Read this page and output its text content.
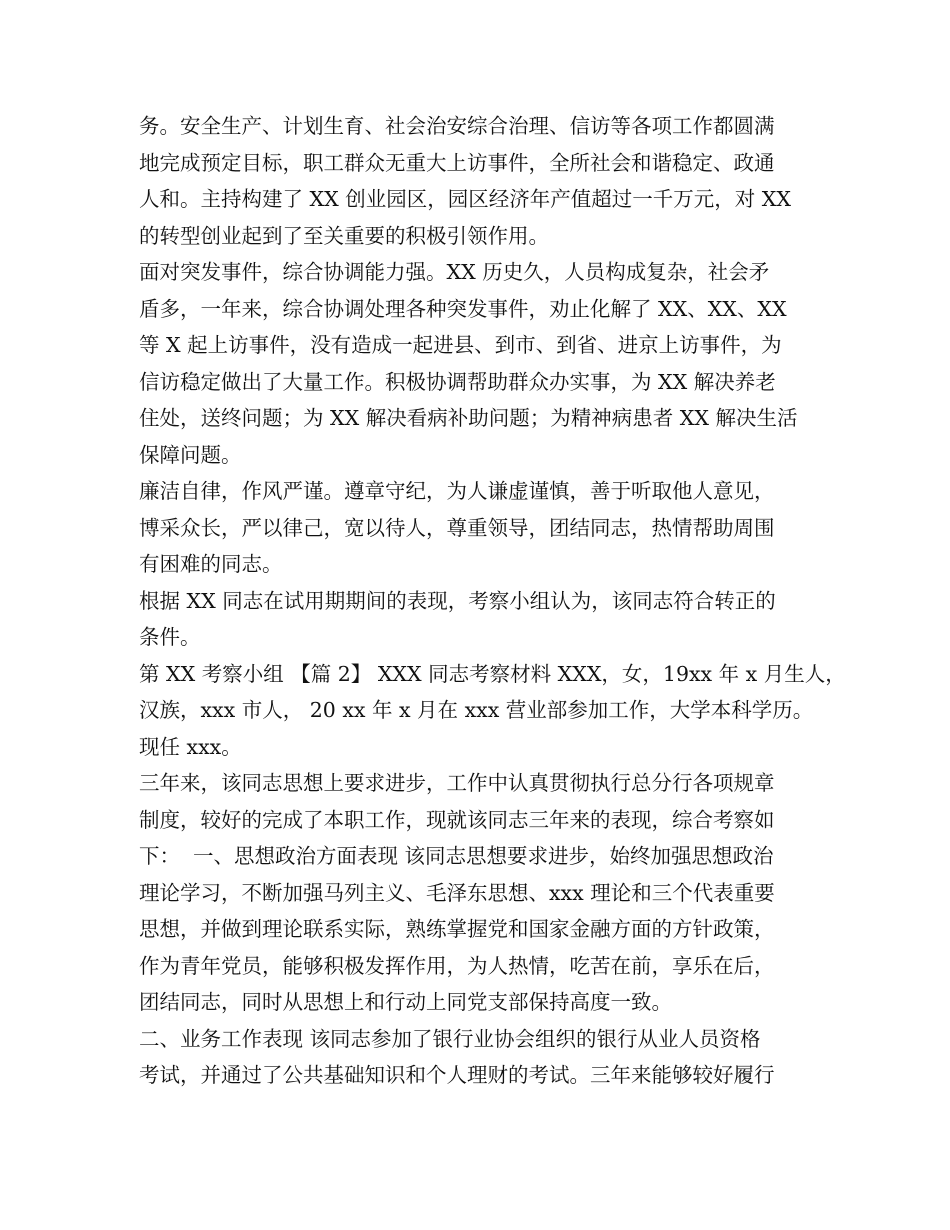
务。安全生产、计划生育、社会治安综合治理、信访等各项工作都圆满
地完成预定目标，职工群众无重大上访事件，全所社会和谐稳定、政通
人和。主持构建了 XX 创业园区，园区经济年产值超过一千万元，对 XX
的转型创业起到了至关重要的积极引领作用。
面对突发事件，综合协调能力强。XX 历史久，人员构成复杂，社会矛
盾多，一年来，综合协调处理各种突发事件，劝止化解了 XX、XX、XX
等 X 起上访事件，没有造成一起进县、到市、到省、进京上访事件，为
信访稳定做出了大量工作。积极协调帮助群众办实事，为 XX 解决养老
住处，送终问题；为 XX 解决看病补助问题；为精神病患者 XX 解决生活
保障问题。
廉洁自律，作风严谨。遵章守纪，为人谦虚谨慎，善于听取他人意见，
博采众长，严以律己，宽以待人，尊重领导，团结同志，热情帮助周围
有困难的同志。
根据 XX 同志在试用期期间的表现，考察小组认为，该同志符合转正的
条件。
第 XX 考察小组 【篇 2】 XXX 同志考察材料 XXX，女，19xx 年 x 月生人，
汉族，xxx 市人， 20 xx 年 x 月在 xxx 营业部参加工作，大学本科学历。
现任 xxx。
三年来，该同志思想上要求进步，工作中认真贯彻执行总分行各项规章
制度，较好的完成了本职工作，现就该同志三年来的表现，综合考察如
下：  一、思想政治方面表现 该同志思想要求进步，始终加强思想政治
理论学习，不断加强马列主义、毛泽东思想、xxx 理论和三个代表重要
思想，并做到理论联系实际，熟练掌握党和国家金融方面的方针政策，
作为青年党员，能够积极发挥作用，为人热情，吃苦在前，享乐在后，
团结同志，同时从思想上和行动上同党支部保持高度一致。
二、业务工作表现 该同志参加了银行业协会组织的银行从业人员资格
考试，并通过了公共基础知识和个人理财的考试。三年来能够较好履行
